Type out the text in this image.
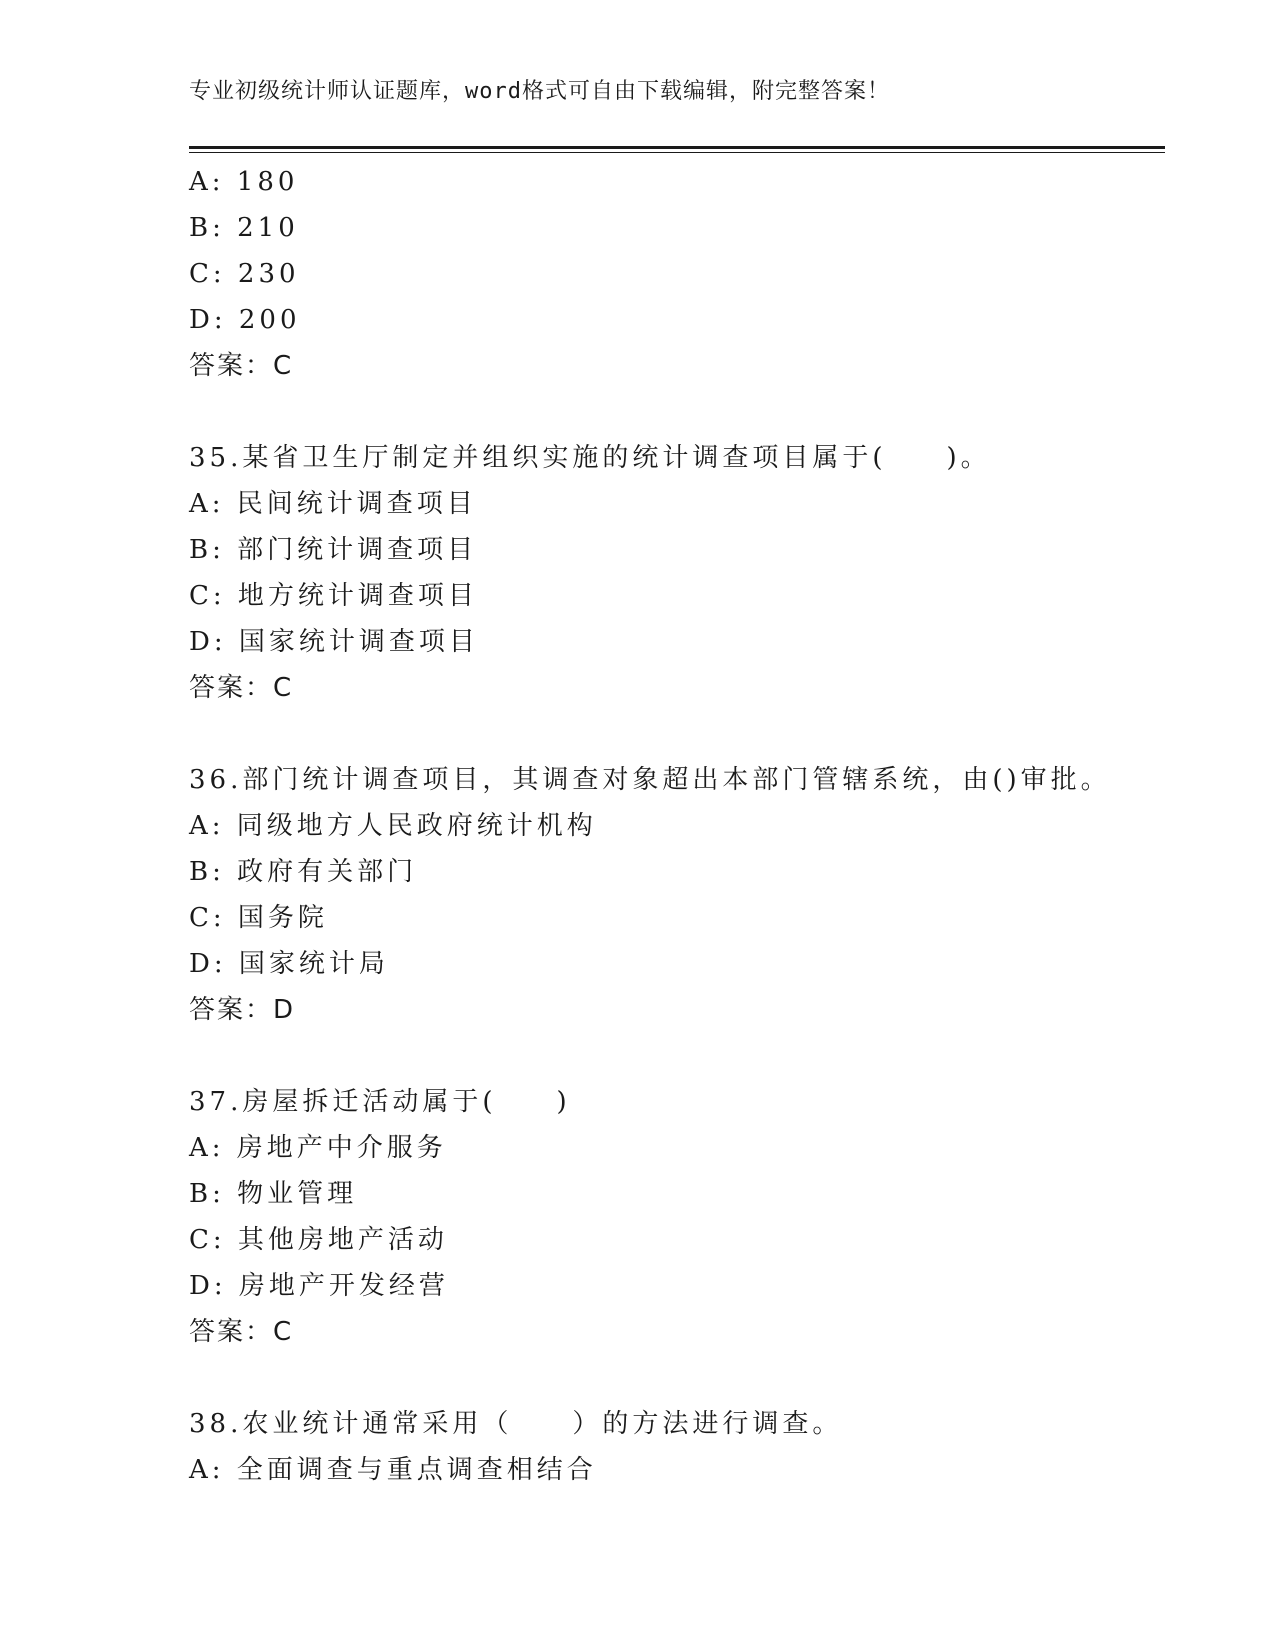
专业初级统计师认证题库，word格式可自由下载编辑，附完整答案！
A: 180
B: 210
C: 230
D: 200
答案：C
35.某省卫生厅制定并组织实施的统计调查项目属于(　　)。
A: 民间统计调查项目
B: 部门统计调查项目
C: 地方统计调查项目
D: 国家统计调查项目
答案：C
36.部门统计调查项目，其调查对象超出本部门管辖系统，由()审批。
A: 同级地方人民政府统计机构
B: 政府有关部门
C: 国务院
D: 国家统计局
答案：D
37.房屋拆迁活动属于(　　)
A: 房地产中介服务
B: 物业管理
C: 其他房地产活动
D: 房地产开发经营
答案：C
38.农业统计通常采用（　　）的方法进行调查。
A: 全面调查与重点调查相结合
